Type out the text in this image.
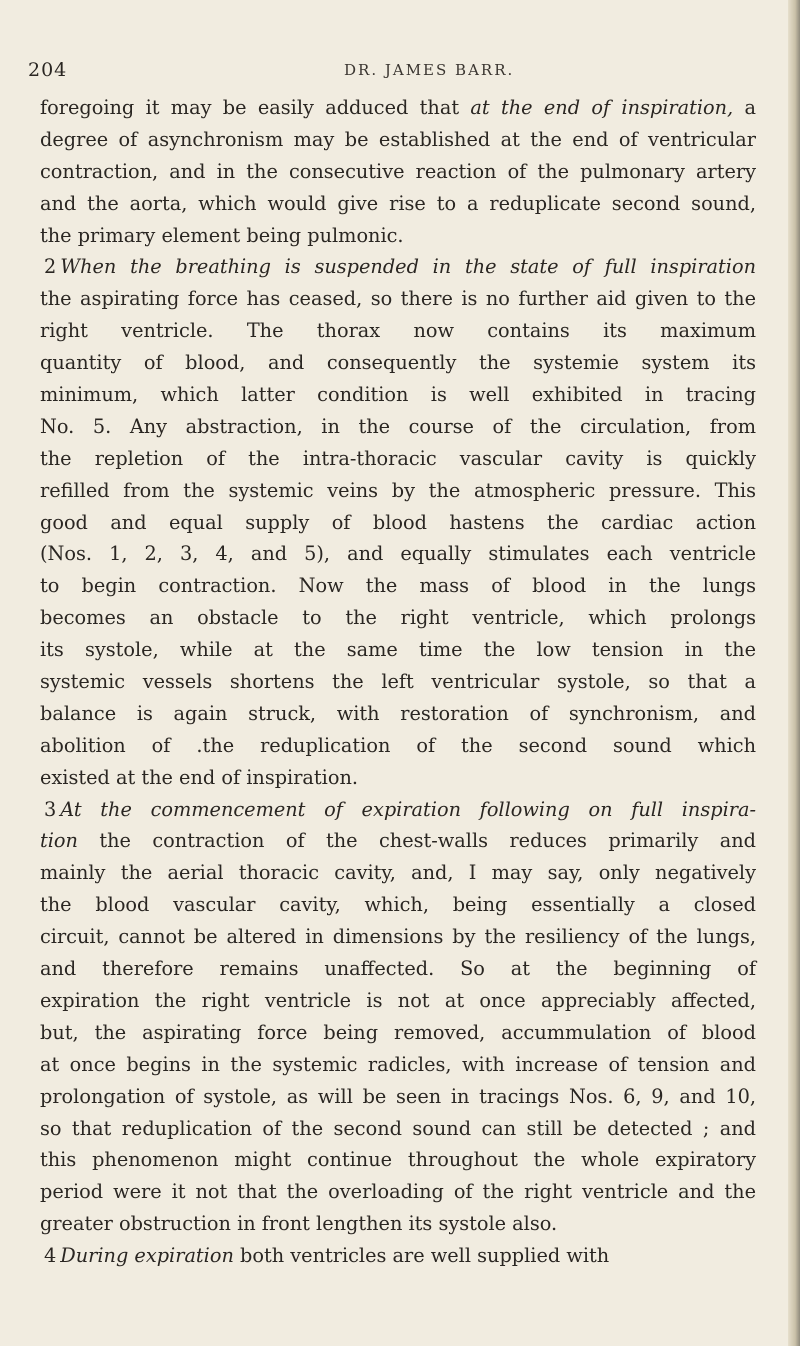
204	DR. JAMES BARR.
foregoing it may be easily adduced that at the end of inspiration, a
degree of asynchronism may be established at the end of ventricular
contraction, and in the consecutive reaction of the pulmonary artery
and the aorta, which would give rise to a reduplicate second sound,
the primary element being pulmonic.
2 When the breathing is suspended in the state of full inspiration
the aspirating force has ceased, so there is no further aid given to the
right ventricle. The thorax now contains its maximum
quantity of blood, and consequently the systemie system its
minimum, which latter condition is well exhibited in tracing
No. 5. Any abstraction, in the course of the circulation, from
the repletion of the intra-thoracic vascular cavity is quickly
refilled from the systemic veins by the atmospheric pressure. This
good and equal supply of blood hastens the cardiac action
(Nos. 1, 2, 3, 4, and 5), and equally stimulates each ventricle
to begin contraction. Now the mass of blood in the lungs
becomes an obstacle to the right ventricle, which prolongs
its systole, while at the same time the low tension in the
systemic vessels shortens the left ventricular systole, so that a
balance is again struck, with restoration of synchronism, and
abolition of .the reduplication of the second sound which
existed at the end of inspiration.
3 At the commencement of expiration following on full inspira-
tion the contraction of the chest-walls reduces primarily and
mainly the aerial thoracic cavity, and, I may say, only negatively
the blood vascular cavity, which, being essentially a closed
circuit, cannot be altered in dimensions by the resiliency of the lungs,
and therefore remains unaffected. So at the beginning of
expiration the right ventricle is not at once appreciably affected,
but, the aspirating force being removed, accummulation of blood
at once begins in the systemic radicles, with increase of tension and
prolongation of systole, as will be seen in tracings Nos. 6, 9, and 10,
so that reduplication of the second sound can still be detected ; and
this phenomenon might continue throughout the whole expiratory
period were it not that the overloading of the right ventricle and the
greater obstruction in front lengthen its systole also.
4 During expiration both ventricles are well supplied with
